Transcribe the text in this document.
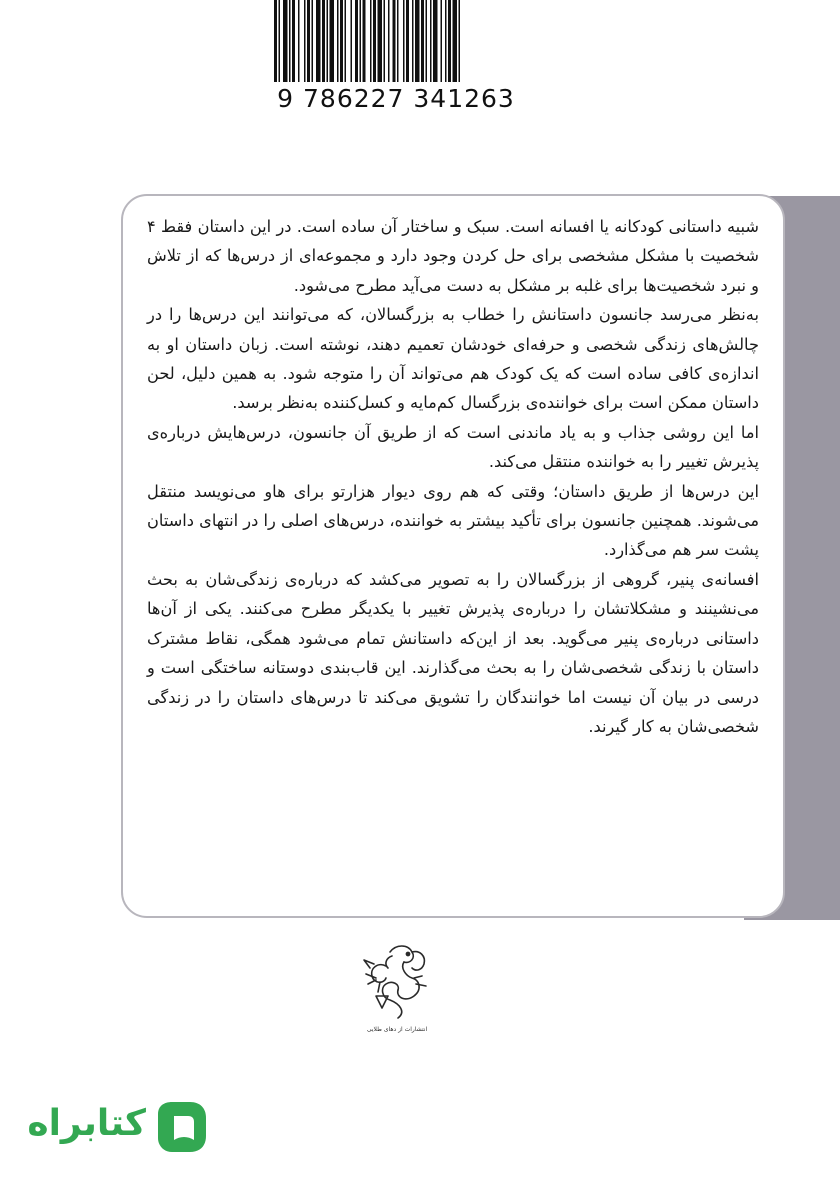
9 786227 341263

شبیه داستانی کودکانه یا افسانه است. سبک و ساختار آن ساده است. در این داستان فقط ۴ شخصیت با مشکل مشخصی برای حل کردن وجود دارد و مجموعه‌ای از درس‌ها که از تلاش و نبرد شخصیت‌ها برای غلبه بر مشکل به دست می‌آید مطرح می‌شود.

به‌نظر می‌رسد جانسون داستانش را خطاب به بزرگسالان، که می‌توانند این درس‌ها را در چالش‌های زندگی شخصی و حرفه‌ای خودشان تعمیم دهند، نوشته است. زبان داستان او به اندازه‌ی کافی ساده است که یک کودک هم می‌تواند آن را متوجه شود. به همین دلیل، لحن داستان ممکن است برای خواننده‌ی بزرگسال کم‌مایه و کسل‌کننده به‌نظر برسد.

اما این روشی جذاب و به یاد ماندنی است که از طریق آن جانسون، درس‌هایش درباره‌ی پذیرش تغییر را به خواننده منتقل می‌کند.

این درس‌ها از طریق داستان؛ وقتی که هم روی دیوار هزارتو برای هاو می‌نویسد منتقل می‌شوند. همچنین جانسون برای تأکید بیشتر به خواننده، درس‌های اصلی را در انتهای داستان پشت سر هم می‌گذارد.

افسانه‌ی پنیر، گروهی از بزرگسالان را به تصویر می‌کشد که درباره‌ی زندگی‌شان به بحث می‌نشینند و مشکلاتشان را درباره‌ی پذیرش تغییر با یکدیگر مطرح می‌کنند. یکی از آن‌ها داستانی درباره‌ی پنیر می‌گوید. بعد از این‌که داستانش تمام می‌شود همگی، نقاط مشترک داستان با زندگی شخصی‌شان را به بحث می‌گذارند. این قاب‌بندی دوستانه ساختگی است و درسی در بیان آن نیست اما خوانندگان را تشویق می‌کند تا درس‌های داستان را در زندگی شخصی‌شان به کار گیرند.

انتشارات از دهای طلایی
کتابراه
